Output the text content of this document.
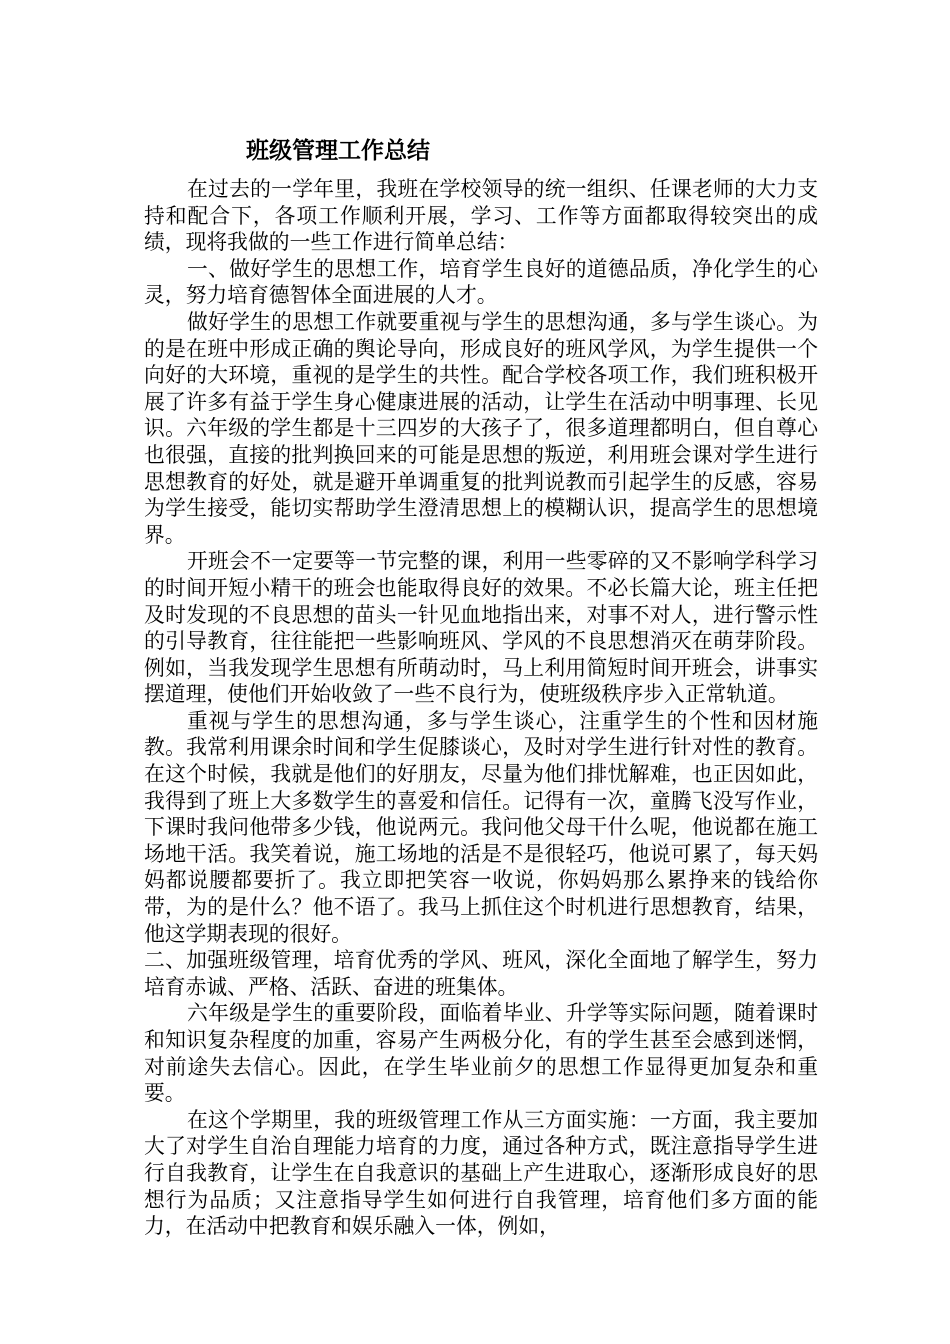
班级管理工作总结

在过去的一学年里，我班在学校领导的统一组织、任课老师的大力支持和配合下，各项工作顺利开展，学习、工作等方面都取得较突出的成绩，现将我做的一些工作进行简单总结：

一、做好学生的思想工作，培育学生良好的道德品质，净化学生的心灵，努力培育德智体全面进展的人才。

做好学生的思想工作就要重视与学生的思想沟通，多与学生谈心。为的是在班中形成正确的舆论导向，形成良好的班风学风，为学生提供一个向好的大环境，重视的是学生的共性。配合学校各项工作，我们班积极开展了许多有益于学生身心健康进展的活动，让学生在活动中明事理、长见识。六年级的学生都是十三四岁的大孩子了，很多道理都明白，但自尊心也很强，直接的批判换回来的可能是思想的叛逆，利用班会课对学生进行思想教育的好处，就是避开单调重复的批判说教而引起学生的反感，容易为学生接受，能切实帮助学生澄清思想上的模糊认识，提高学生的思想境界。

开班会不一定要等一节完整的课，利用一些零碎的又不影响学科学习的时间开短小精干的班会也能取得良好的效果。不必长篇大论，班主任把及时发现的不良思想的苗头一针见血地指出来，对事不对人，进行警示性的引导教育，往往能把一些影响班风、学风的不良思想消灭在萌芽阶段。例如，当我发现学生思想有所萌动时，马上利用简短时间开班会，讲事实摆道理，使他们开始收敛了一些不良行为，使班级秩序步入正常轨道。

重视与学生的思想沟通，多与学生谈心，注重学生的个性和因材施教。我常利用课余时间和学生促膝谈心，及时对学生进行针对性的教育。在这个时候，我就是他们的好朋友，尽量为他们排忧解难，也正因如此，我得到了班上大多数学生的喜爱和信任。记得有一次，童腾飞没写作业，下课时我问他带多少钱，他说两元。我问他父母干什么呢，他说都在施工场地干活。我笑着说，施工场地的活是不是很轻巧，他说可累了，每天妈妈都说腰都要折了。我立即把笑容一收说，你妈妈那么累挣来的钱给你带，为的是什么？他不语了。我马上抓住这个时机进行思想教育，结果，他这学期表现的很好。

二、加强班级管理，培育优秀的学风、班风，深化全面地了解学生，努力培育赤诚、严格、活跃、奋进的班集体。

六年级是学生的重要阶段，面临着毕业、升学等实际问题，随着课时和知识复杂程度的加重，容易产生两极分化，有的学生甚至会感到迷惘，对前途失去信心。因此，在学生毕业前夕的思想工作显得更加复杂和重要。

在这个学期里，我的班级管理工作从三方面实施：一方面，我主要加大了对学生自治自理能力培育的力度，通过各种方式，既注意指导学生进行自我教育，让学生在自我意识的基础上产生进取心，逐渐形成良好的思想行为品质；又注意指导学生如何进行自我管理，培育他们多方面的能力，在活动中把教育和娱乐融入一体，例如，
